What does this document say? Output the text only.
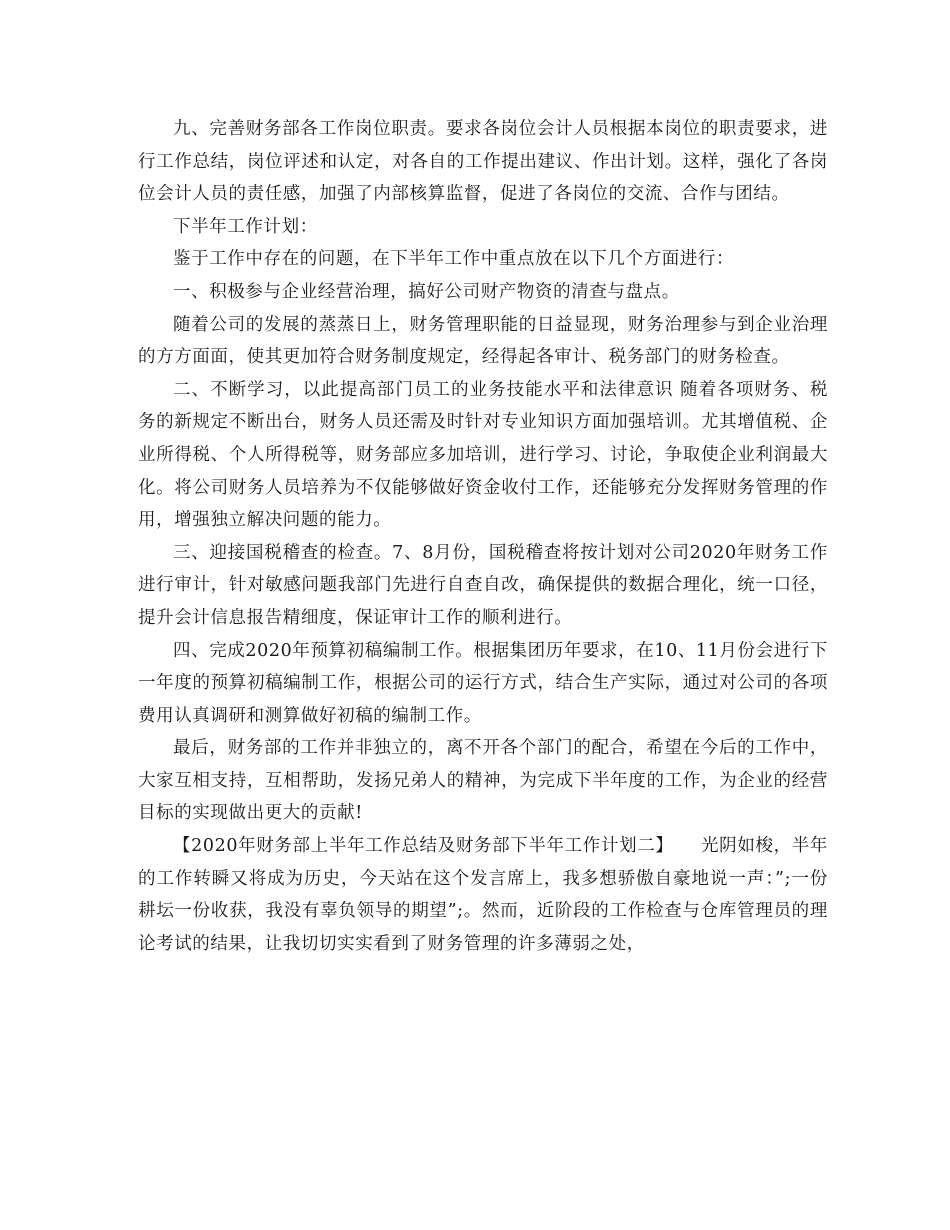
九、完善财务部各工作岗位职责。要求各岗位会计人员根据本岗位的职责要求，进行工作总结，岗位评述和认定，对各自的工作提出建议、作出计划。这样，强化了各岗位会计人员的责任感，加强了内部核算监督，促进了各岗位的交流、合作与团结。

下半年工作计划：

鉴于工作中存在的问题，在下半年工作中重点放在以下几个方面进行：

一、积极参与企业经营治理，搞好公司财产物资的清查与盘点。

随着公司的发展的蒸蒸日上，财务管理职能的日益显现，财务治理参与到企业治理的方方面面，使其更加符合财务制度规定，经得起各审计、税务部门的财务检查。

二、不断学习，以此提高部门员工的业务技能水平和法律意识 随着各项财务、税务的新规定不断出台，财务人员还需及时针对专业知识方面加强培训。尤其增值税、企业所得税、个人所得税等，财务部应多加培训，进行学习、讨论，争取使企业利润最大化。将公司财务人员培养为不仅能够做好资金收付工作，还能够充分发挥财务管理的作用，增强独立解决问题的能力。

三、迎接国税稽查的检查。7、8月份，国税稽查将按计划对公司2020年财务工作进行审计，针对敏感问题我部门先进行自查自改，确保提供的数据合理化，统一口径，提升会计信息报告精细度，保证审计工作的顺利进行。

四、完成2020年预算初稿编制工作。根据集团历年要求，在10、11月份会进行下一年度的预算初稿编制工作，根据公司的运行方式，结合生产实际，通过对公司的各项费用认真调研和测算做好初稿的编制工作。

最后，财务部的工作并非独立的，离不开各个部门的配合，希望在今后的工作中，大家互相支持，互相帮助，发扬兄弟人的精神，为完成下半年度的工作，为企业的经营目标的实现做出更大的贡献!

【2020年财务部上半年工作总结及财务部下半年工作计划二】　　光阴如梭，半年的工作转瞬又将成为历史，今天站在这个发言席上，我多想骄傲自豪地说一声：”;一份耕坛一份收获，我没有辜负领导的期望”;。然而，近阶段的工作检查与仓库管理员的理论考试的结果，让我切切实实看到了财务管理的许多薄弱之处，
